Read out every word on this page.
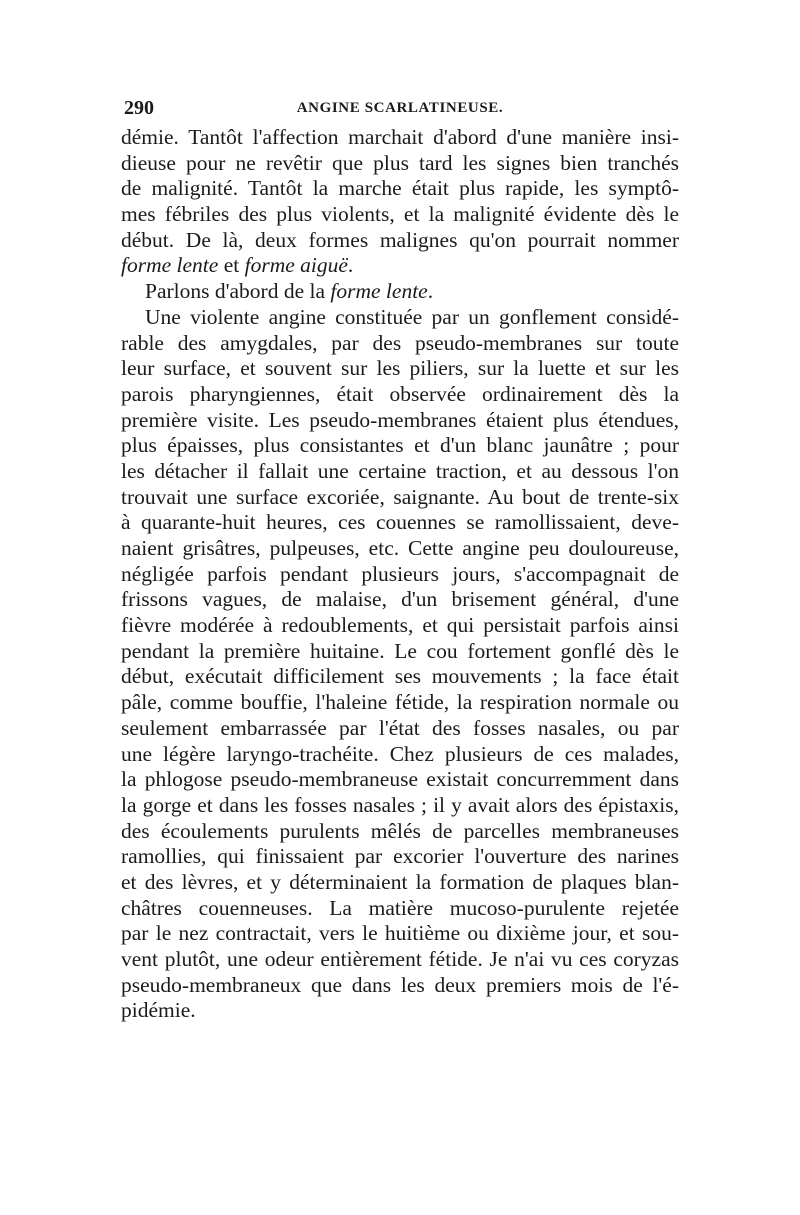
290	ANGINE SCARLATINEUSE.
démie. Tantôt l'affection marchait d'abord d'une manière insi-
dieuse pour ne revêtir que plus tard les signes bien tranchés
de malignité. Tantôt la marche était plus rapide, les symptô-
mes fébriles des plus violents, et la malignité évidente dès le
début. De là, deux formes malignes qu'on pourrait nommer
forme lente et forme aiguë.
Parlons d'abord de la forme lente.
Une violente angine constituée par un gonflement considé-
rable des amygdales, par des pseudo-membranes sur toute
leur surface, et souvent sur les piliers, sur la luette et sur les
parois pharyngiennes, était observée ordinairement dès la
première visite. Les pseudo-membranes étaient plus étendues,
plus épaisses, plus consistantes et d'un blanc jaunâtre ; pour
les détacher il fallait une certaine traction, et au dessous l'on
trouvait une surface excoriée, saignante. Au bout de trente-six
à quarante-huit heures, ces couennes se ramollissaient, deve-
naient grisâtres, pulpeuses, etc. Cette angine peu douloureuse,
négligée parfois pendant plusieurs jours, s'accompagnait de
frissons vagues, de malaise, d'un brisement général, d'une
fièvre modérée à redoublements, et qui persistait parfois ainsi
pendant la première huitaine. Le cou fortement gonflé dès le
début, exécutait difficilement ses mouvements ; la face était
pâle, comme bouffie, l'haleine fétide, la respiration normale ou
seulement embarrassée par l'état des fosses nasales, ou par
une légère laryngo-trachéite. Chez plusieurs de ces malades,
la phlogose pseudo-membraneuse existait concurremment dans
la gorge et dans les fosses nasales ; il y avait alors des épistaxis,
des écoulements purulents mêlés de parcelles membraneuses
ramollies, qui finissaient par excorier l'ouverture des narines
et des lèvres, et y déterminaient la formation de plaques blan-
châtres couenneuses. La matière mucoso-purulente rejetée
par le nez contractait, vers le huitième ou dixième jour, et sou-
vent plutôt, une odeur entièrement fétide. Je n'ai vu ces coryzas
pseudo-membraneux que dans les deux premiers mois de l'é-
pidémie.
